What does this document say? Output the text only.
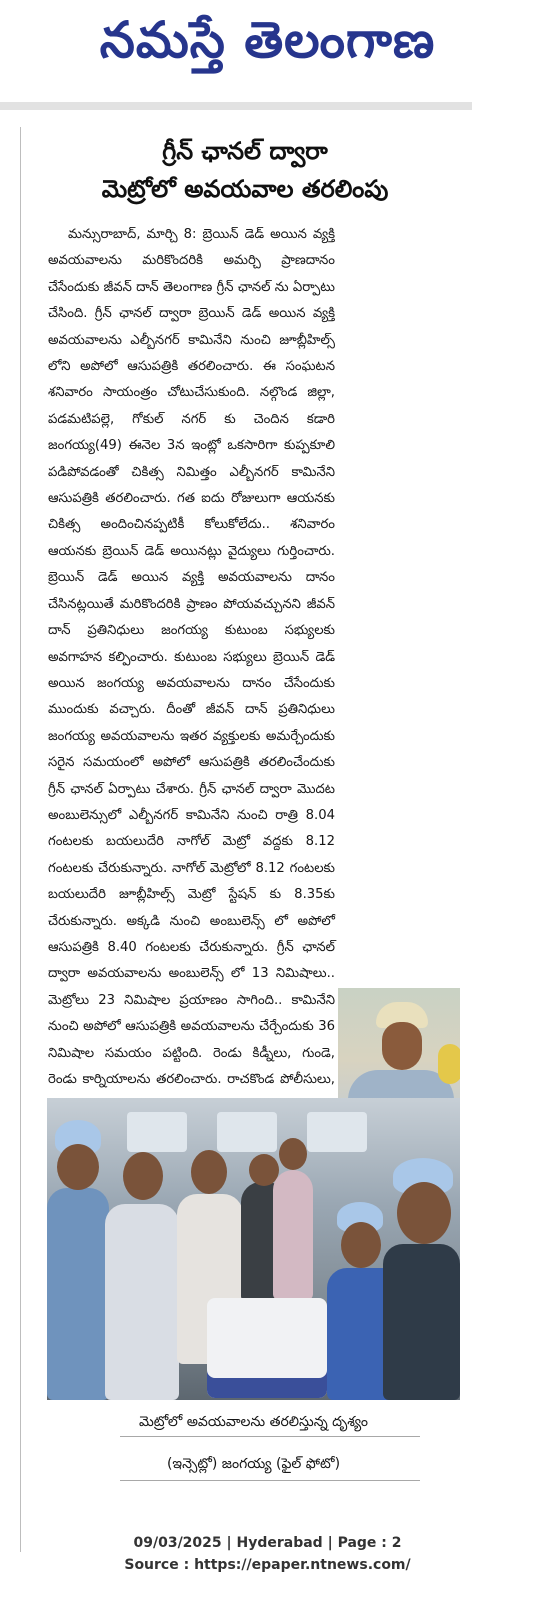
నమస్తే తెలంగాణ
గ్రీన్ ఛానల్ ద్వారా
మెట్రోలో అవయవాల తరలింపు
మన్సురాబాద్, మార్చి 8: బ్రెయిన్ డెడ్ అయిన వ్యక్తి అవయవాలను మరికొందరికి అమర్చి ప్రాణదానం చేసేందుకు జీవన్ దాన్ తెలంగాణ గ్రీన్ ఛానల్ ను ఏర్పాటు చేసింది. గ్రీన్ ఛానల్ ద్వారా బ్రెయిన్ డెడ్ అయిన వ్యక్తి అవయవాలను ఎల్బీనగర్ కామినేని నుంచి జూబ్లీహిల్స్ లోని అపోలో ఆసుపత్రికి తరలించారు. ఈ సంఘటన శనివారం సాయంత్రం చోటుచేసుకుంది. నల్గొండ జిల్లా, పడమటిపల్లె, గోకుల్ నగర్ కు చెందిన కడారి జంగయ్య(49) ఈనెల 3న ఇంట్లో ఒకసారిగా కుప్పకూలి పడిపోవడంతో చికిత్స నిమిత్తం ఎల్బీనగర్ కామినేని ఆసుపత్రికి తరలించారు. గత ఐదు రోజులుగా ఆయనకు చికిత్స అందించినప్పటికీ కోలుకోలేదు.. శనివారం ఆయనకు బ్రెయిన్ డెడ్ అయినట్లు వైద్యులు గుర్తించారు. బ్రెయిన్ డెడ్ అయిన వ్యక్తి అవయవాలను దానం చేసినట్లయితే మరికొందరికి ప్రాణం పోయవచ్చునని జీవన్ దాన్ ప్రతినిధులు జంగయ్య కుటుంబ సభ్యులకు అవగాహన కల్పించారు. కుటుంబ సభ్యులు బ్రెయిన్ డెడ్ అయిన జంగయ్య అవయవాలను దానం చేసేందుకు ముందుకు వచ్చారు. దీంతో జీవన్ దాన్ ప్రతినిధులు జంగయ్య అవయవాలను ఇతర వ్యక్తులకు అమర్చేందుకు సరైన సమయంలో అపోలో ఆసుపత్రికి తరలించేందుకు గ్రీన్ ఛానల్ ఏర్పాటు చేశారు. గ్రీన్ ఛానల్ ద్వారా మొదట అంబులెన్సులో ఎల్బీనగర్ కామినేని నుంచి రాత్రి 8.04 గంటలకు బయలుదేరి నాగోల్ మెట్రో వద్దకు 8.12 గంటలకు చేరుకున్నారు. నాగోల్ మెట్రోలో 8.12 గంటలకు బయలుదేరి జూబ్లీహిల్స్ మెట్రో స్టేషన్ కు 8.35కు చేరుకున్నారు. అక్కడి నుంచి అంబులెన్స్ లో అపోలో ఆసుపత్రికి 8.40 గంటలకు చేరుకున్నారు. గ్రీన్ ఛానల్ ద్వారా అవయవాలను అంబులెన్స్ లో 13 నిమిషాలు.. మెట్రోలు 23 నిమిషాల ప్రయాణం సాగింది.. కామినేని నుంచి అపోలో ఆసుపత్రికి అవయవాలను చేర్చేందుకు 36 నిమిషాల సమయం పట్టింది. రెండు కిడ్నీలు, గుండె, రెండు కార్నియాలను తరలించారు. రాచకొండ పోలీసులు,
మెట్రోలో అవయవాలను తరలిస్తున్న దృశ్యం
(ఇన్సెట్లో) జంగయ్య (ఫైల్ ఫోటో)
09/03/2025 | Hyderabad | Page : 2
Source : https://epaper.ntnews.com/
